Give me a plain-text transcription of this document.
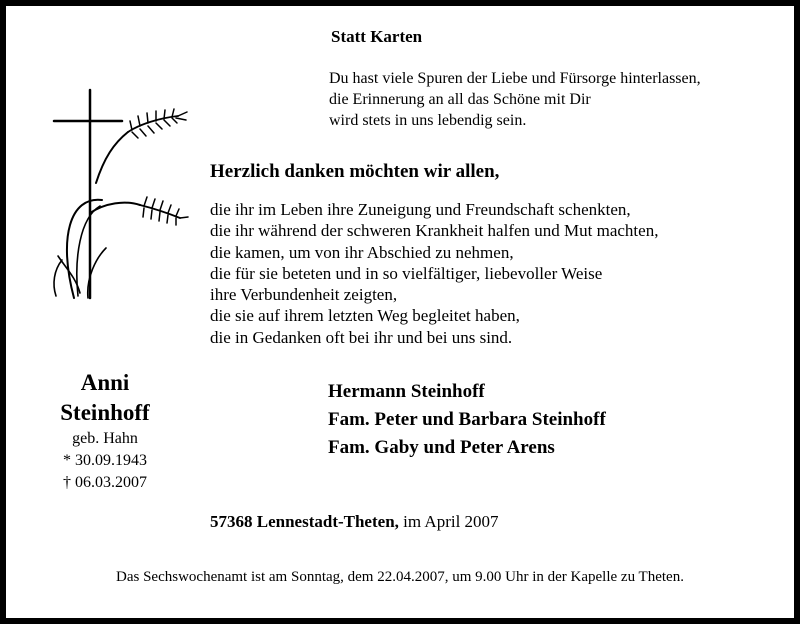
Statt Karten
Du hast viele Spuren der Liebe und Fürsorge hinterlassen,
die Erinnerung an all das Schöne mit Dir
wird stets in uns lebendig sein.
Herzlich danken möchten wir allen,
die ihr im Leben ihre Zuneigung und Freundschaft schenkten,
die ihr während der schweren Krankheit halfen und Mut machten,
die kamen, um von ihr Abschied zu nehmen,
die für sie beteten und in so vielfältiger, liebevoller Weise
ihre Verbundenheit zeigten,
die sie auf ihrem letzten Weg begleitet haben,
die in Gedanken oft bei ihr und bei uns sind.
Anni
Steinhoff
geb. Hahn
* 30.09.1943
† 06.03.2007
Hermann Steinhoff
Fam. Peter und Barbara Steinhoff
Fam. Gaby und Peter Arens
57368 Lennestadt-Theten, im April 2007
Das Sechswochenamt ist am Sonntag, dem 22.04.2007, um 9.00 Uhr in der Kapelle zu Theten.
